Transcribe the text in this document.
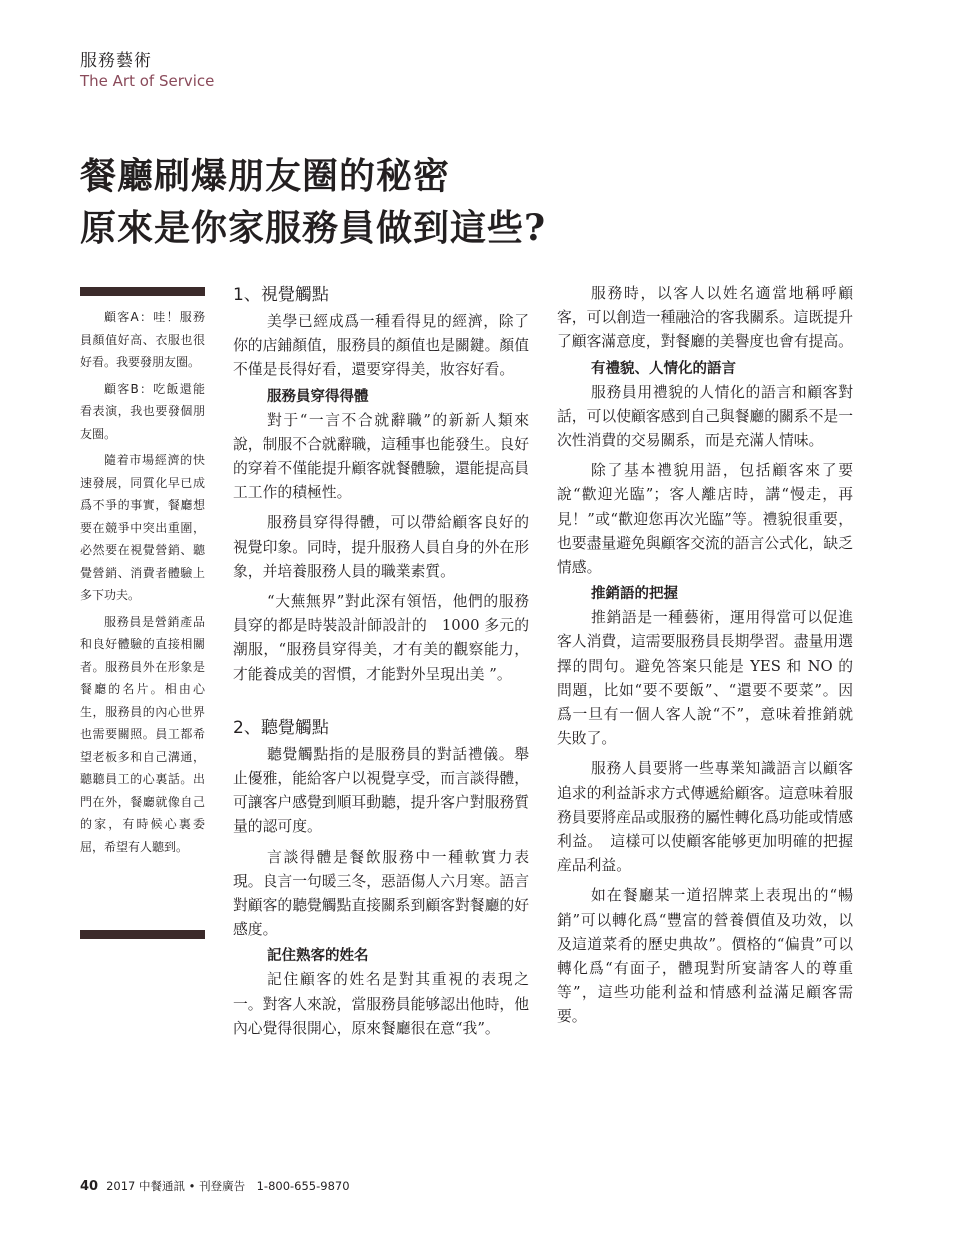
服務藝術
The Art of Service
餐廳刷爆朋友圈的秘密
原來是你家服務員做到這些?

顧客A：哇！服務員顏值好高、衣服也很好看。我要發朋友圈。

顧客B：吃飯還能看表演，我也要發個朋友圈。

隨着市場經濟的快速發展，同質化早已成爲不爭的事實，餐廳想要在競爭中突出重圍，必然要在視覺營銷、聽覺營銷、消費者體驗上多下功夫。

服務員是營銷產品和良好體驗的直接相關者。服務員外在形象是餐廳的名片。相由心生，服務員的內心世界也需要關照。員工都希望老板多和自己溝通，聽聽員工的心裏話。出門在外，餐廳就像自己的家，有時候心裏委屈，希望有人聽到。

1、視覺觸點

美學已經成爲一種看得見的經濟，除了你的店鋪顏值，服務員的顏值也是關鍵。顏值不僅是長得好看，還要穿得美，妝容好看。

服務員穿得得體

對于“一言不合就辭職”的新新人類來說，制服不合就辭職，這種事也能發生。良好的穿着不僅能提升顧客就餐體驗，還能提高員工工作的積極性。

服務員穿得得體，可以帶給顧客良好的視覺印象。同時，提升服務人員自身的外在形象，并培養服務人員的職業素質。

“大蕪無界”對此深有領悟，他們的服務員穿的都是時裝設計師設計的　1000 多元的潮服，“服務員穿得美，才有美的觀察能力，才能養成美的習慣，才能對外呈現出美 ”。

2、聽覺觸點

聽覺觸點指的是服務員的對話禮儀。舉止優雅，能給客户以視覺享受，而言談得體，可讓客户感覺到順耳動聽，提升客户對服務質量的認可度。

言談得體是餐飲服務中一種軟實力表現。良言一句暖三冬，惡語傷人六月寒。語言對顧客的聽覺觸點直接關系到顧客對餐廳的好感度。

記住熟客的姓名

記住顧客的姓名是對其重視的表現之一。對客人來說，當服務員能够認出他時，他內心覺得很開心，原來餐廳很在意“我”。

服務時，以客人以姓名適當地稱呼顧客，可以創造一種融洽的客我關系。這既提升了顧客滿意度，對餐廳的美譽度也會有提高。

有禮貌、人情化的語言

服務員用禮貌的人情化的語言和顧客對話，可以使顧客感到自己與餐廳的關系不是一次性消費的交易關系，而是充滿人情味。

除了基本禮貌用語，包括顧客來了要說“歡迎光臨”；客人離店時，講“慢走，再見！”或“歡迎您再次光臨”等。禮貌很重要，也要盡量避免與顧客交流的語言公式化，缺乏情感。

推銷語的把握

推銷語是一種藝術，運用得當可以促進客人消費，這需要服務員長期學習。盡量用選擇的問句。避免答案只能是 YES 和 NO 的問題，比如“要不要飯”、“還要不要菜”。因爲一旦有一個人客人說“不”，意味着推銷就失敗了。

服務人員要將一些專業知識語言以顧客追求的利益訴求方式傳遞給顧客。這意味着服務員要將産品或服務的屬性轉化爲功能或情感利益。　這樣可以使顧客能够更加明確的把握産品利益。

如在餐廳某一道招牌菜上表現出的“暢銷”可以轉化爲“豐富的營養價值及功效，以及這道菜肴的歷史典故”。價格的“偏貴”可以轉化爲“有面子，體現對所宴請客人的尊重等”，這些功能利益和情感利益滿足顧客需要。

40 2017 中餐通訊 • 刊登廣告　1-800-655-9870
